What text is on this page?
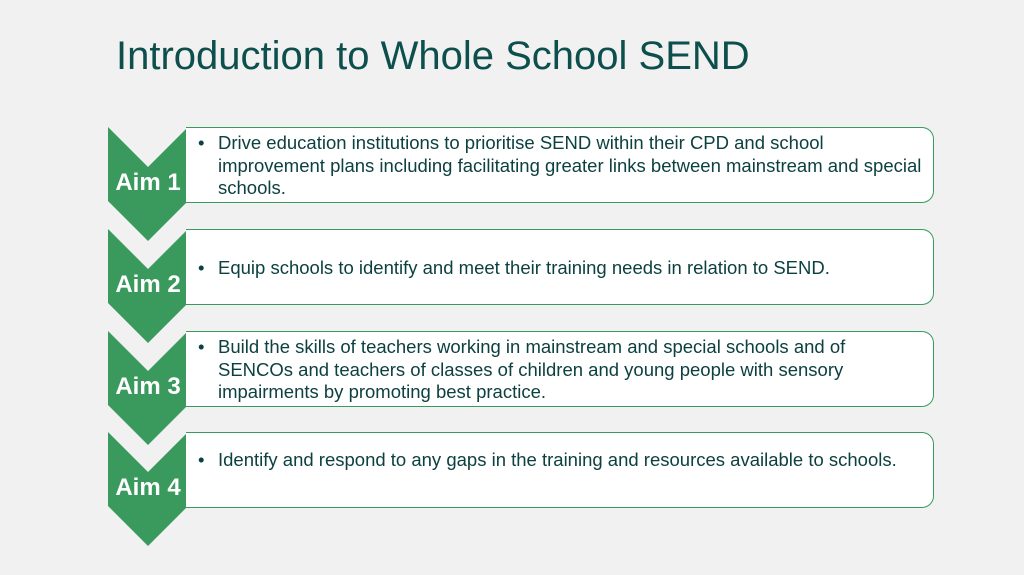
Introduction to Whole School SEND
Aim 1
• Drive education institutions to prioritise SEND within their CPD and school improvement plans including facilitating greater links between mainstream and special schools.
Aim 2
• Equip schools to identify and meet their training needs in relation to SEND.
Aim 3
• Build the skills of teachers working in mainstream and special schools and of SENCOs and teachers of classes of children and young people with sensory impairments by promoting best practice.
Aim 4
• Identify and respond to any gaps in the training and resources available to schools.
